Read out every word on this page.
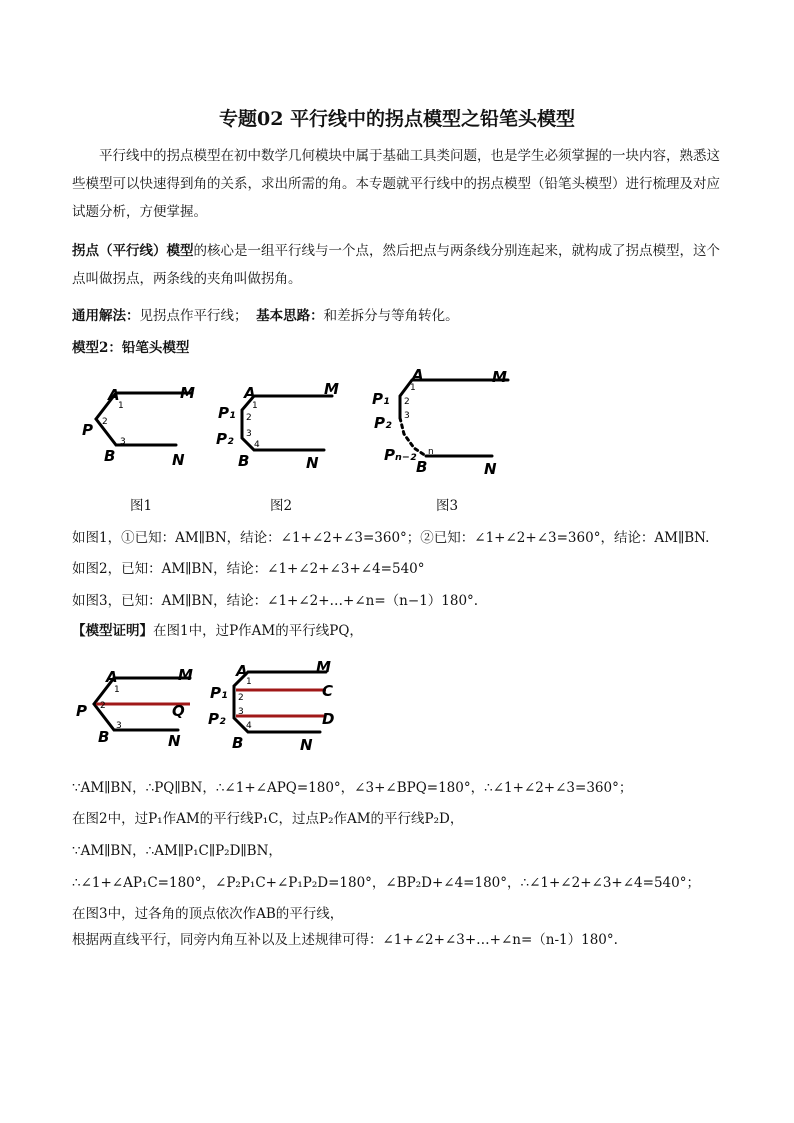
专题02 平行线中的拐点模型之铅笔头模型
平行线中的拐点模型在初中数学几何模块中属于基础工具类问题，也是学生必须掌握的一块内容，熟悉这些模型可以快速得到角的关系，求出所需的角。本专题就平行线中的拐点模型（铅笔头模型）进行梳理及对应试题分析，方便掌握。
拐点（平行线）模型的核心是一组平行线与一个点，然后把点与两条线分别连起来，就构成了拐点模型，这个点叫做拐点，两条线的夹角叫做拐角。
通用解法：见拐点作平行线； 基本思路：和差拆分与等角转化。
模型2：铅笔头模型
A	M
P
B	N
1
2
3
图1
A	M
P₁
P₂
B	N
1
2
3
4
图2
A	M
P₁
P₂
Pₙ₋₂
B	N
1
2
3
n
图3
如图1，①已知：AM∥BN，结论：∠1+∠2+∠3=360°；②已知：∠1+∠2+∠3=360°，结论：AM∥BN.
如图2，已知：AM∥BN，结论：∠1+∠2+∠3+∠4=540°
如图3，已知：AM∥BN，结论：∠1+∠2+…+∠n=（n−1）180°.
【模型证明】在图1中，过P作AM的平行线PQ，
A	M
P	Q
B	N
1
2
3
A	M
P₁
P₂
C
D
B	N
1
2
3
4
∵AM∥BN，∴PQ∥BN，∴∠1+∠APQ=180°，∠3+∠BPQ=180°，∴∠1+∠2+∠3=360°；
在图2中，过P₁作AM的平行线P₁C，过点P₂作AM的平行线P₂D，
∵AM∥BN，∴AM∥P₁C∥P₂D∥BN，
∴∠1+∠AP₁C=180°，∠P₂P₁C+∠P₁P₂D=180°，∠BP₂D+∠4=180°，∴∠1+∠2+∠3+∠4=540°；
在图3中，过各角的顶点依次作AB的平行线，
根据两直线平行，同旁内角互补以及上述规律可得：∠1+∠2+∠3+…+∠n=（n-1）180°.
